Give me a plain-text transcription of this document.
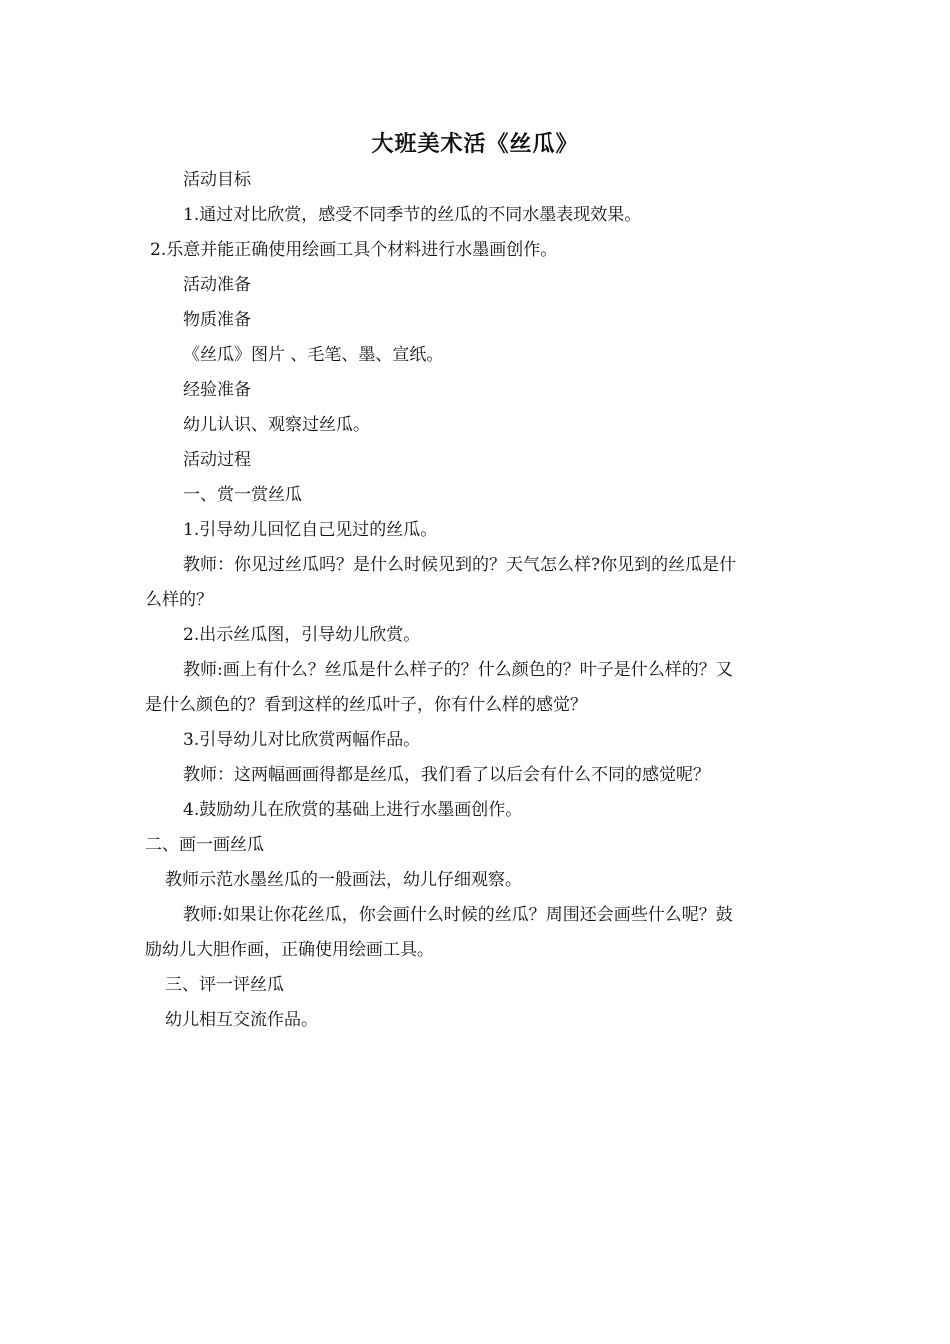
大班美术活《丝瓜》
活动目标
1.通过对比欣赏，感受不同季节的丝瓜的不同水墨表现效果。
2.乐意并能正确使用绘画工具个材料进行水墨画创作。
活动准备
物质准备
《丝瓜》图片 、毛笔、墨、宣纸。
经验准备
幼儿认识、观察过丝瓜。
活动过程
一、赏一赏丝瓜
1.引导幼儿回忆自己见过的丝瓜。
教师：你见过丝瓜吗？是什么时候见到的？天气怎么样?你见到的丝瓜是什
么样的？
2.出示丝瓜图，引导幼儿欣赏。
教师:画上有什么？丝瓜是什么样子的？什么颜色的？叶子是什么样的？又
是什么颜色的？看到这样的丝瓜叶子，你有什么样的感觉？
3.引导幼儿对比欣赏两幅作品。
教师：这两幅画画得都是丝瓜，我们看了以后会有什么不同的感觉呢？
4.鼓励幼儿在欣赏的基础上进行水墨画创作。
二、画一画丝瓜
教师示范水墨丝瓜的一般画法，幼儿仔细观察。
教师:如果让你花丝瓜，你会画什么时候的丝瓜？周围还会画些什么呢？鼓
励幼儿大胆作画，正确使用绘画工具。
三、评一评丝瓜
幼儿相互交流作品。
